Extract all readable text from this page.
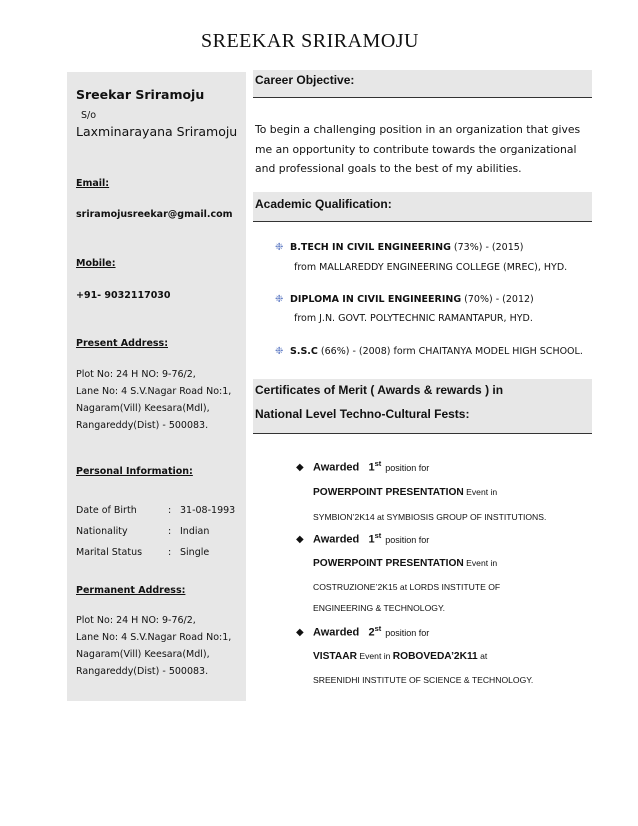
SREEKAR SRIRAMOJU
Sreekar Sriramoju
S/o
Laxminarayana Sriramoju
Email:
sriramojusreekar@gmail.com
Mobile:
+91- 9032117030
Present Address:
Plot No: 24 H NO: 9-76/2,
Lane No: 4 S.V.Nagar Road No:1,
Nagaram(Vill) Keesara(Mdl),
Rangareddy(Dist) - 500083.
Personal Information:
Date of Birth	: 31-08-1993
Nationality	: Indian
Marital Status	: Single
Permanent Address:
Plot No: 24 H NO: 9-76/2,
Lane No: 4 S.V.Nagar Road No:1,
Nagaram(Vill) Keesara(Mdl),
Rangareddy(Dist) - 500083.
Career Objective:
To begin a challenging position in an organization that gives
me an opportunity to contribute towards the organizational
and professional goals to the best of my abilities.
Academic Qualification:
❉ B.TECH IN CIVIL ENGINEERING (73%) - (2015)
from MALLAREDDY ENGINEERING COLLEGE (MREC), HYD.
❉ DIPLOMA IN CIVIL ENGINEERING (70%) - (2012)
from J.N. GOVT. POLYTECHNIC RAMANTAPUR, HYD.
❉ S.S.C (66%) - (2008) form CHAITANYA MODEL HIGH SCHOOL.
Certificates of Merit ( Awards & rewards ) in
National Level Techno-Cultural Fests:
◆ Awarded 1st position for
POWERPOINT PRESENTATION Event in
SYMBION’2K14 at SYMBIOSIS GROUP OF INSTITUTIONS.
◆ Awarded 1st position for
POWERPOINT PRESENTATION Event in
COSTRUZIONE’2K15 at LORDS INSTITUTE OF
ENGINEERING & TECHNOLOGY.
◆ Awarded 2st position for
VISTAAR Event in ROBOVEDA’2K11 at
SREENIDHI INSTITUTE OF SCIENCE & TECHNOLOGY.
